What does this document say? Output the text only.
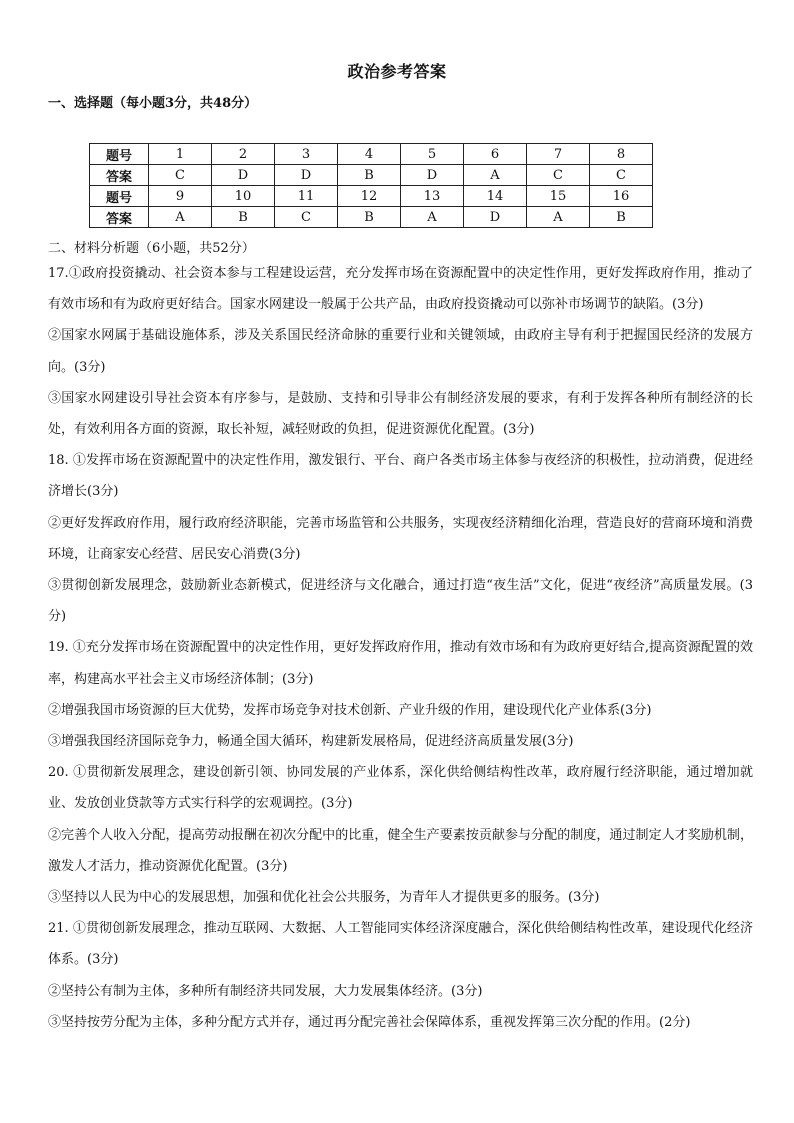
政治参考答案
一、选择题（每小题3分，共48分）
题号	1	2	3	4	5	6	7	8
答案	C	D	D	B	D	A	C	C
题号	9	10	11	12	13	14	15	16
答案	A	B	C	B	A	D	A	B
二、材料分析题（6小题，共52分）

17.①政府投资撬动、社会资本参与工程建设运营，充分发挥市场在资源配置中的决定性作用，更好发挥政府作用，推动了有效市场和有为政府更好结合。国家水网建设一般属于公共产品，由政府投资撬动可以弥补市场调节的缺陷。(3分)

②国家水网属于基础设施体系，涉及关系国民经济命脉的重要行业和关键领域，由政府主导有利于把握国民经济的发展方向。(3分)

③国家水网建设引导社会资本有序参与，是鼓励、支持和引导非公有制经济发展的要求，有利于发挥各种所有制经济的长处，有效利用各方面的资源，取长补短，减轻财政的负担，促进资源优化配置。(3分)

18. ①发挥市场在资源配置中的决定性作用，激发银行、平台、商户各类市场主体参与夜经济的积极性，拉动消费，促进经济增长(3分)

②更好发挥政府作用，履行政府经济职能，完善市场监管和公共服务，实现夜经济精细化治理，营造良好的营商环境和消费环境，让商家安心经营、居民安心消费(3分)

③贯彻创新发展理念，鼓励新业态新模式，促进经济与文化融合，通过打造“夜生活”文化，促进“夜经济”高质量发展。(3分)

19. ①充分发挥市场在资源配置中的决定性作用，更好发挥政府作用，推动有效市场和有为政府更好结合,提高资源配置的效率，构建高水平社会主义市场经济体制；(3分)

②增强我国市场资源的巨大优势，发挥市场竞争对技术创新、产业升级的作用，建设现代化产业体系(3分)

③增强我国经济国际竞争力，畅通全国大循环，构建新发展格局，促进经济高质量发展(3分)

20. ①贯彻新发展理念，建设创新引领、协同发展的产业体系，深化供给侧结构性改革，政府履行经济职能，通过增加就业、发放创业贷款等方式实行科学的宏观调控。(3分)

②完善个人收入分配，提高劳动报酬在初次分配中的比重，健全生产要素按贡献参与分配的制度，通过制定人才奖励机制，激发人才活力，推动资源优化配置。(3分)

③坚持以人民为中心的发展思想，加强和优化社会公共服务，为青年人才提供更多的服务。(3分)

21. ①贯彻创新发展理念，推动互联网、大数据、人工智能同实体经济深度融合，深化供给侧结构性改革，建设现代化经济体系。(3分)

②坚持公有制为主体，多种所有制经济共同发展，大力发展集体经济。(3分)

③坚持按劳分配为主体，多种分配方式并存，通过再分配完善社会保障体系，重视发挥第三次分配的作用。(2分)
